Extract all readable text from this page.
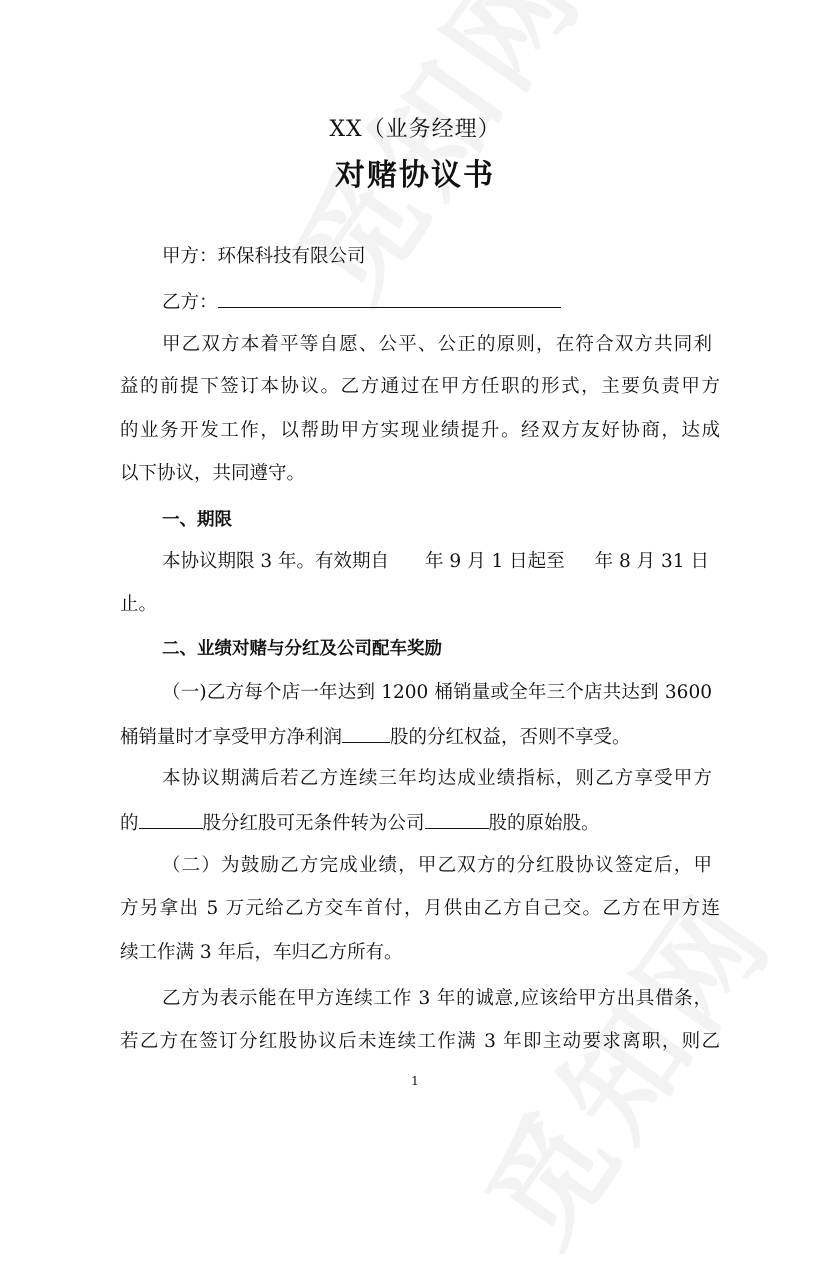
XX（业务经理）
对赌协议书
甲方：环保科技有限公司
乙方：
甲乙双方本着平等自愿、公平、公正的原则，在符合双方共同利
益的前提下签订本协议。乙方通过在甲方任职的形式，主要负责甲方
的业务开发工作，以帮助甲方实现业绩提升。经双方友好协商，达成
以下协议，共同遵守。
一、期限
本协议期限 3 年。有效期自 年 9 月 1 日起至 年 8 月 31 日
止。
二、业绩对赌与分红及公司配车奖励
（一)乙方每个店一年达到 1200 桶销量或全年三个店共达到 3600
桶销量时才享受甲方净利润	股的分红权益，否则不享受。
本协议期满后若乙方连续三年均达成业绩指标，则乙方享受甲方
的	股分红股可无条件转为公司	股的原始股。
（二）为鼓励乙方完成业绩，甲乙双方的分红股协议签定后，甲
方另拿出 5 万元给乙方交车首付，月供由乙方自己交。乙方在甲方连
续工作满 3 年后，车归乙方所有。
乙方为表示能在甲方连续工作 3 年的诚意,应该给甲方出具借条，
若乙方在签订分红股协议后未连续工作满 3 年即主动要求离职，则乙
1
